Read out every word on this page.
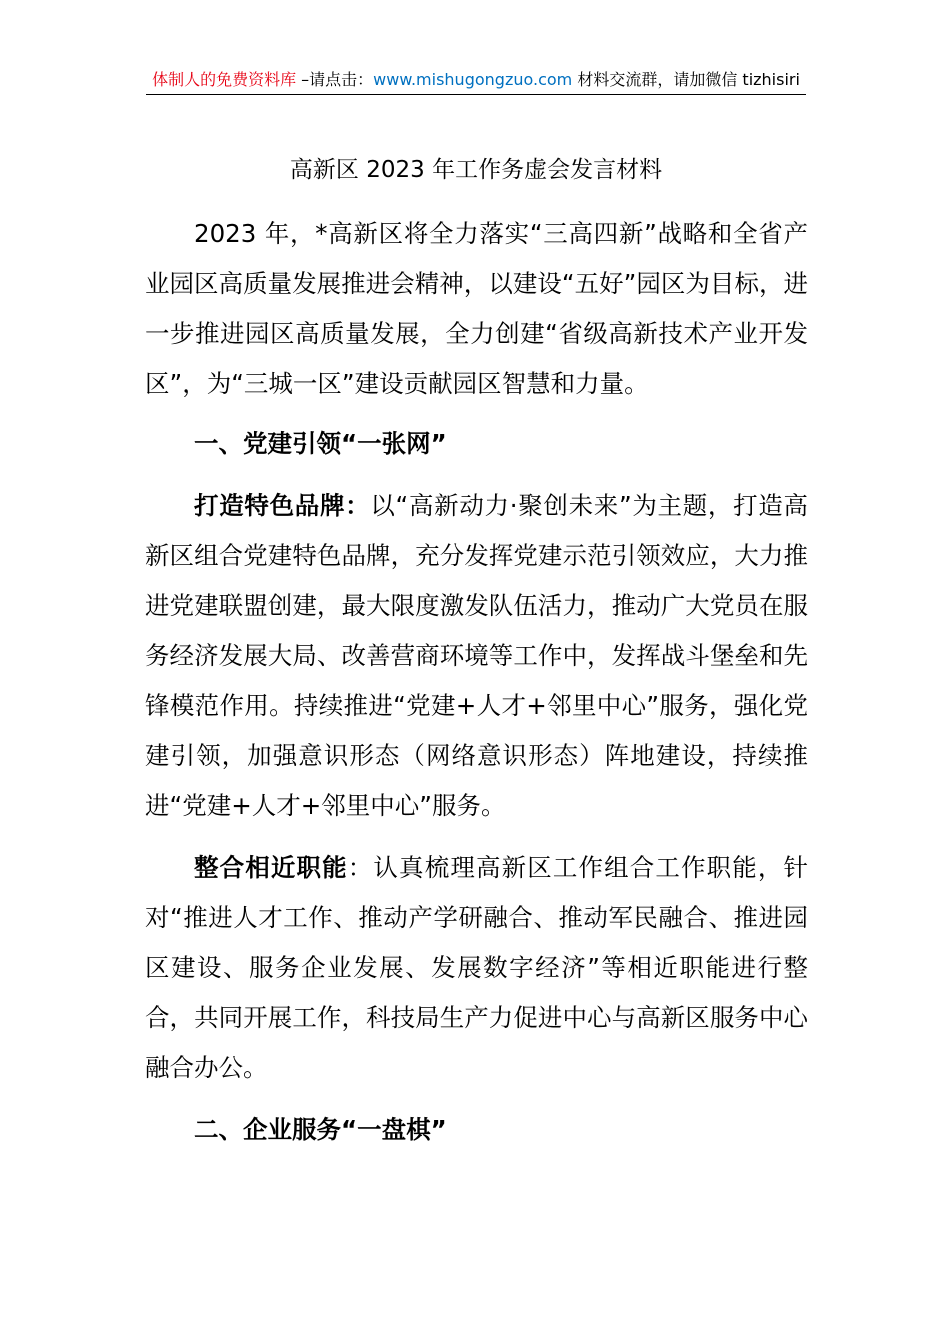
体制人的免费资料库 –请点击：www.mishugongzuo.com 材料交流群，请加微信 tizhisiri
高新区 2023 年工作务虚会发言材料

2023 年，*高新区将全力落实“三高四新”战略和全省产业园区高质量发展推进会精神，以建设“五好”园区为目标，进一步推进园区高质量发展，全力创建“省级高新技术产业开发区”，为“三城一区”建设贡献园区智慧和力量。

一、党建引领“一张网”

打造特色品牌：以“高新动力·聚创未来”为主题，打造高新区组合党建特色品牌，充分发挥党建示范引领效应，大力推进党建联盟创建，最大限度激发队伍活力，推动广大党员在服务经济发展大局、改善营商环境等工作中，发挥战斗堡垒和先锋模范作用。持续推进“党建+人才+邻里中心”服务，强化党建引领，加强意识形态（网络意识形态）阵地建设，持续推进“党建+人才+邻里中心”服务。

整合相近职能：认真梳理高新区工作组合工作职能，针对“推进人才工作、推动产学研融合、推动军民融合、推进园区建设、服务企业发展、发展数字经济”等相近职能进行整合，共同开展工作，科技局生产力促进中心与高新区服务中心融合办公。

二、企业服务“一盘棋”
